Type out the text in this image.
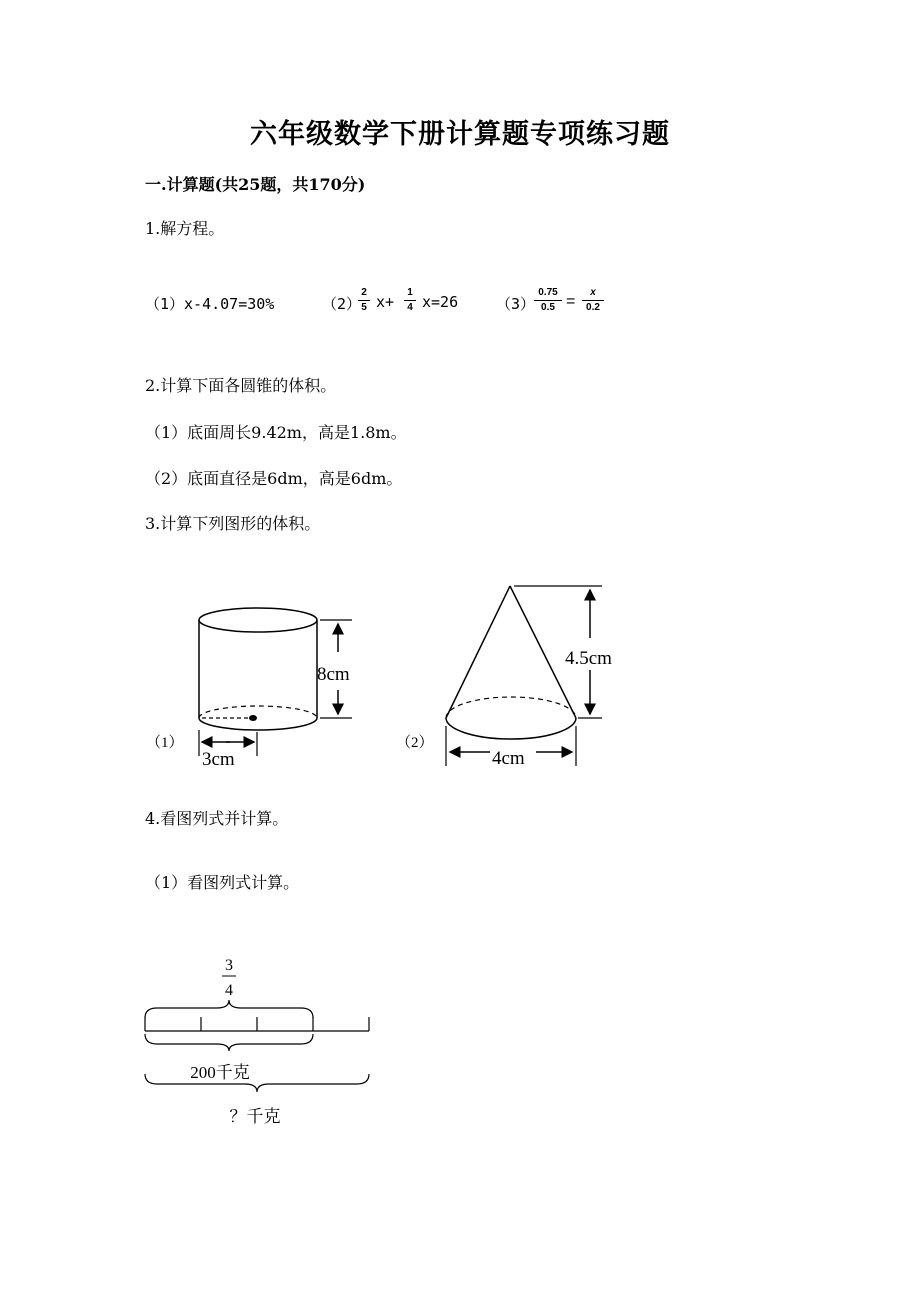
六年级数学下册计算题专项练习题
一.计算题(共25题，共170分)
1.解方程。
（1）x-4.07=30%	（2）
2
5 x+
1
4 x=26	（3）
0.75
0.5 =
x
0.2
2.计算下面各圆锥的体积。
（1）底面周长9.42m，高是1.8m。
（2）底面直径是6dm，高是6dm。
3.计算下列图形的体积。
8cm
3cm
（1）
4.5cm
4cm
（2）
4.看图列式并计算。
（1）看图列式计算。
3
4
200千克
？千克
